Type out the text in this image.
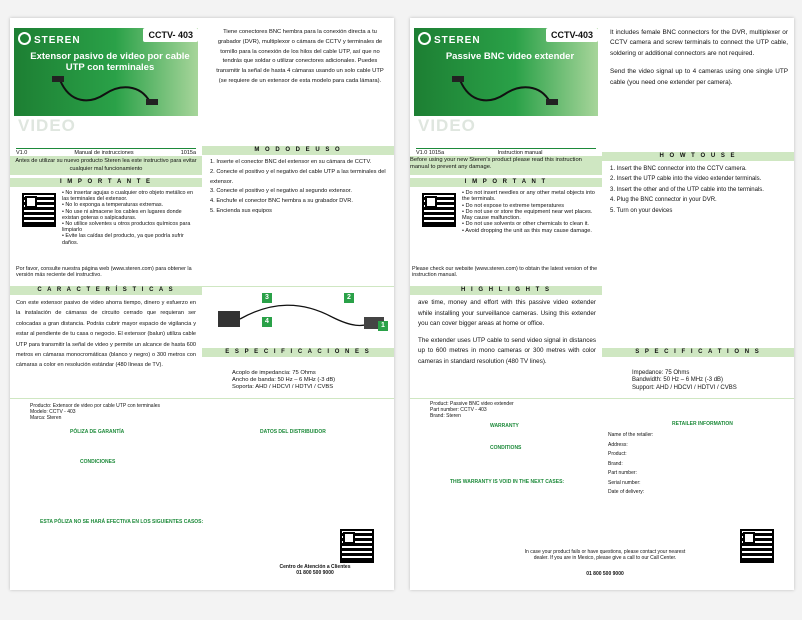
STEREN	CCTV- 403
Extensor pasivo de video por cable UTP con terminales
VIDEO
V1.0	Manual de instrucciones	1015a
Tiene conectores BNC hembra para la conexión directa a tu grabador (DVR), multiplexor o cámara de CCTV y terminales de tornillo para la conexión de los hilos del cable UTP, así que no tendrás que soldar o utilizar conectores adicionales. Puedes transmitir la señal de hasta 4 cámaras usando un solo cable UTP (se requiere de un extensor de esta modelo para cada lámara).
Antes de utilizar su nuevo producto Steren lea este instructivo para evitar cualquier mal funcionamiento
I M P O R T A N T E
• No insertar agujas o cualquier otro objeto metálico en las terminales del extensor.
• No lo exponga a temperaturas extremas.
• No use ni almacene los cables en lugares donde existan goteras o salpicaduras.
• No utilice solventes u otros productos químicos para limpiarlo
• Evite las caídas del producto, ya que podría sufrir daños.
Por favor, consulte nuestra página web (www.steren.com) para obtener la versión más reciente del instructivo.
C A R A C T E R Í S T I C A S
Con este extensor pasivo de video ahorra tiempo, dinero y esfuerzo en la instalación de cámaras de circuito cerrado que requieran ser colocadas a gran distancia. Podrás cubrir mayor espacio de vigilancia y estar al pendiente de tu casa o negocio. El extensor (balun) utiliza cable UTP para transmitir la señal de video y permite un alcance de hasta 600 metros en cámaras monocromáticas (blanco y negro) o 300 metros con cámaras a color en resolución estándar (480 líneas de TV).
M O D O D E U S O
1. Inserte el conector BNC del extensor en su cámara de CCTV.
2. Conecte el positivo y el negativo del cable UTP a las terminales del extensor.
3. Conecte el positivo y el negativo al segundo extensor.
4. Enchufe el conector BNC hembra a su grabador DVR.
5. Encienda sus equipos
3	2
4
1
E S P E C I F I C A C I O N E S
Acoplo de impedancia: 75 Ohms
Ancho de banda: 50 Hz – 6 MHz (-3 dB)
Soporta: AHD / HDCVI / HDTVI / CVBS
Producto: Extensor de video por cable UTP con terminales
Modelo: CCTV - 403
Marca: Steren
PÓLIZA DE GARANTÍA	DATOS DEL DISTRIBUIDOR
CONDICIONES
ESTA PÓLIZA NO SE HARÁ EFECTIVA EN LOS SIGUIENTES CASOS:
Centro de Atención a Clientes
01 800 500 9000
STEREN	CCTV-403
Passive BNC video extender
VIDEO
V1.0 1015a	Instruction manual
It includes female BNC connectors for the DVR, multiplexer or CCTV camera and screw terminals to connect the UTP cable, soldering or additional connectors are not required.
Send the video signal up to 4 cameras using one single UTP cable (you need one extender per camera).
Before using your new Steren's product please read this instruction manual to prevent any damage.
I M P O R T A N T
• Do not insert needles or any other metal objects into the terminals.
• Do not expose to extreme temperatures
• Do not use or store the equipment near wet places. May cause malfunction.
• Do not use solvents or other chemicals to clean it.
• Avoid dropping the unit as this may cause damage.
Please check our website (www.steren.com) to obtain the latest version of the instruction manual.
H I G H L I G H T S
ave time, money and effort with this passive video extender while installing your surveillance cameras. Using this extender you can cover bigger areas at home or office.
The extender uses UTP cable to send video signal in distances up to 600 metres in mono cameras or 300 metres with color cameras in standard resolution (480 TV lines).
H O W T O U S E
1. Insert the BNC connector into the CCTV camera.
2. Insert the UTP cable into the video extender terminals.
3. Insert the other and of the UTP cable into the terminals.
4. Plug the BNC connector in your DVR.
5. Turn on your devices
S P E C I F I C A T I O N S
Impedance: 75 Ohms
Bandwidth: 50 Hz – 6 MHz (-3 dB)
Support: AHD / HDCVI / HDTVI / CVBS
Product: Passive BNC video extender
Part number: CCTV - 403
Brand: Steren
WARRANTY
CONDITIONS
THIS WARRANTY IS VOID IN THE NEXT CASES:
RETAILER INFORMATION
Name of the retailer:
Address:
Product:
Brand:
Part number:
Serial number:
Date of delivery:
In case your product fails or have questions, please contact your nearest dealer. If you are in Mexico, please give a call to our Call Center.
01 800 500 9000
